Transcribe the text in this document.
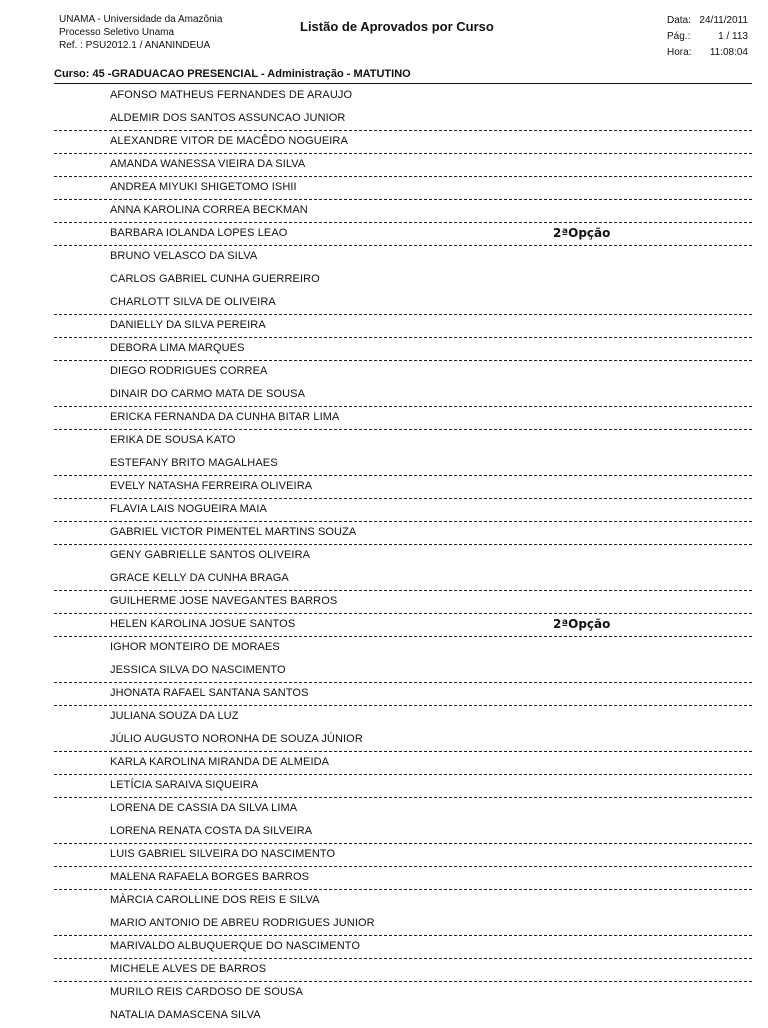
UNAMA - Universidade da Amazônia
Processo Seletivo Unama
Ref. : PSU2012.1 / ANANINDEUA
Listão de Aprovados por Curso	Data: 24/11/2011
Pág.:	1 / 113
Hora:	11:08:04
Curso: 45 -GRADUACAO PRESENCIAL - Administração - MATUTINO
AFONSO MATHEUS FERNANDES DE ARAUJO
ALDEMIR DOS SANTOS ASSUNCAO JUNIOR
ALEXANDRE VITOR DE MACÊDO NOGUEIRA
AMANDA WANESSA VIEIRA DA SILVA
ANDREA MIYUKI SHIGETOMO ISHII
ANNA KAROLINA CORREA BECKMAN
BARBARA IOLANDA LOPES LEAO	2ªOpção
BRUNO VELASCO DA SILVA
CARLOS GABRIEL CUNHA GUERREIRO
CHARLOTT SILVA DE OLIVEIRA
DANIELLY DA SILVA PEREIRA
DEBORA LIMA MARQUES
DIEGO RODRIGUES CORREA
DINAIR DO CARMO MATA DE SOUSA
ERICKA FERNANDA DA CUNHA BITAR LIMA
ERIKA DE SOUSA KATO
ESTEFANY BRITO MAGALHAES
EVELY NATASHA FERREIRA OLIVEIRA
FLAVIA LAIS NOGUEIRA MAIA
GABRIEL VICTOR PIMENTEL MARTINS SOUZA
GENY GABRIELLE SANTOS OLIVEIRA
GRACE KELLY DA CUNHA BRAGA
GUILHERME JOSE NAVEGANTES BARROS
HELEN KAROLINA JOSUE SANTOS	2ªOpção
IGHOR MONTEIRO DE MORAES
JESSICA SILVA DO NASCIMENTO
JHONATA RAFAEL SANTANA SANTOS
JULIANA SOUZA DA LUZ
JÚLIO AUGUSTO NORONHA DE SOUZA JÚNIOR
KARLA KAROLINA MIRANDA DE ALMEIDA
LETÍCIA SARAIVA SIQUEIRA
LORENA DE CASSIA DA SILVA LIMA
LORENA RENATA COSTA DA SILVEIRA
LUIS GABRIEL SILVEIRA DO NASCIMENTO
MALENA RAFAELA BORGES BARROS
MÀRCIA CAROLLINE DOS REIS E SILVA
MARIO ANTONIO DE ABREU RODRIGUES JUNIOR
MARIVALDO ALBUQUERQUE DO NASCIMENTO
MICHELE ALVES DE BARROS
MURILO REIS CARDOSO DE SOUSA
NATALIA DAMASCENA SILVA
